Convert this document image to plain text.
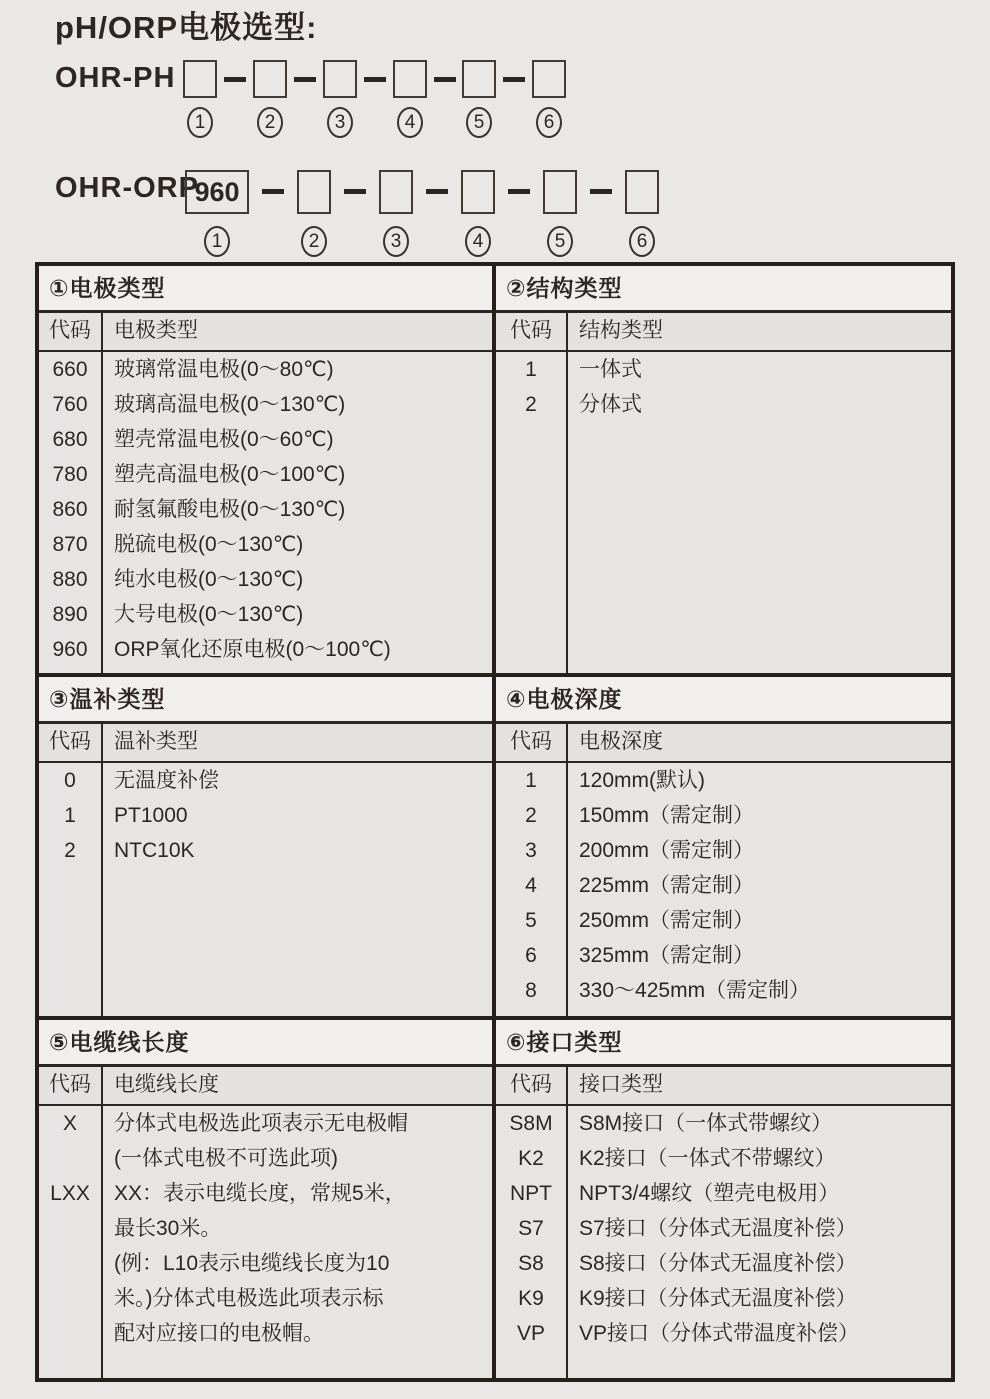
pH/ORP电极选型:
OHR-PH
1	2	3	4	5	6
OHR-ORP
960
1	2	3	4	5	6
①电极类型
代码	电极类型
660	玻璃常温电极(0～80℃)
760	玻璃高温电极(0～130℃)
680	塑壳常温电极(0～60℃)
780	塑壳高温电极(0～100℃)
860	耐氢氟酸电极(0～130℃)
870	脱硫电极(0～130℃)
880	纯水电极(0～130℃)
890	大号电极(0～130℃)
960	ORP氧化还原电极(0～100℃)
②结构类型
代码	结构类型
1	一体式
2	分体式
③温补类型
代码	温补类型
0	无温度补偿
1	PT1000
2	NTC10K
④电极深度
代码	电极深度
1	120mm(默认)
2	150mm（需定制）
3	200mm（需定制）
4	225mm（需定制）
5	250mm（需定制）
6	325mm（需定制）
8	330～425mm（需定制）
⑤电缆线长度
代码	电缆线长度
X	分体式电极选此项表示无电极帽
(一体式电极不可选此项)
LXX	XX：表示电缆长度，常规5米，
最长30米。
(例：L10表示电缆线长度为10
米。)分体式电极选此项表示标
配对应接口的电极帽。
⑥接口类型
代码	接口类型
S8M	S8M接口（一体式带螺纹）
K2	K2接口（一体式不带螺纹）
NPT	NPT3/4螺纹（塑壳电极用）
S7	S7接口（分体式无温度补偿）
S8	S8接口（分体式无温度补偿）
K9	K9接口（分体式无温度补偿）
VP	VP接口（分体式带温度补偿）
